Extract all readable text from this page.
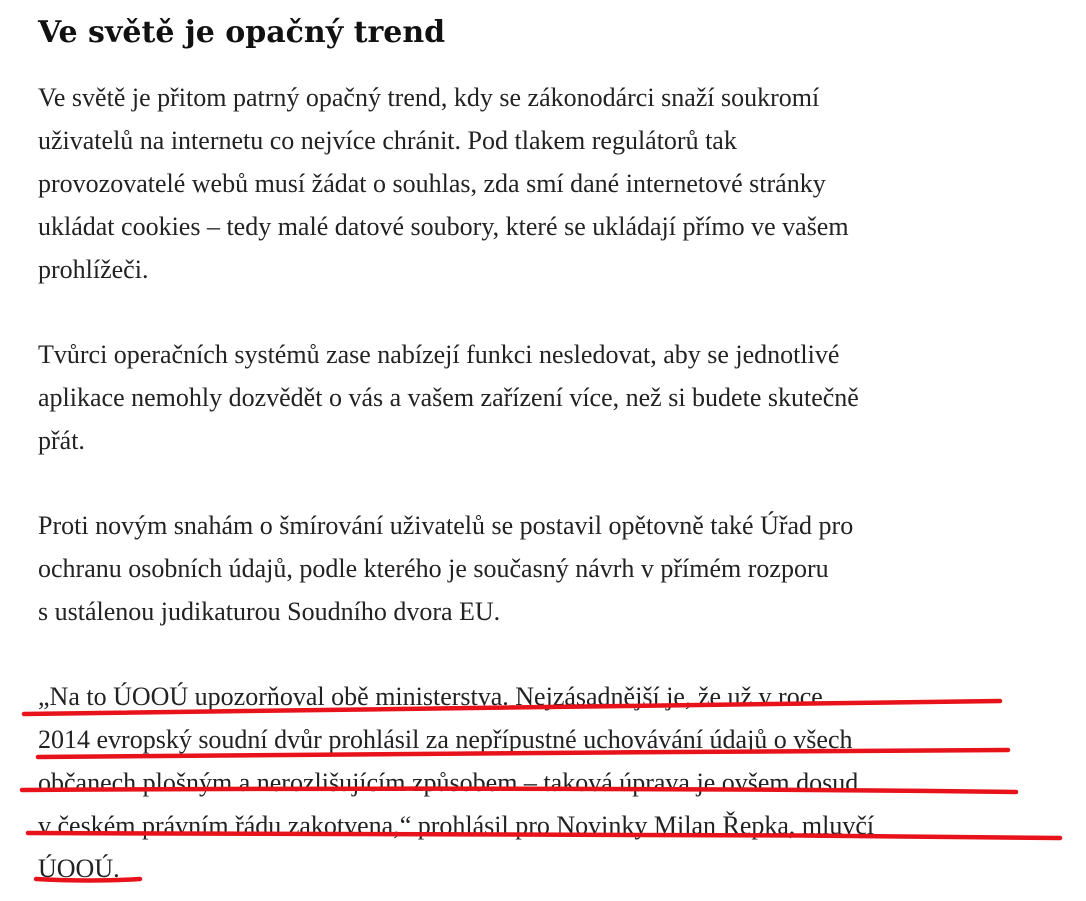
Ve světě je opačný trend

Ve světě je přitom patrný opačný trend, kdy se zákonodárci snaží soukromí
uživatelů na internetu co nejvíce chránit. Pod tlakem regulátorů tak
provozovatelé webů musí žádat o souhlas, zda smí dané internetové stránky
ukládat cookies – tedy malé datové soubory, které se ukládají přímo ve vašem
prohlížeči.

Tvůrci operačních systémů zase nabízejí funkci nesledovat, aby se jednotlivé
aplikace nemohly dozvědět o vás a vašem zařízení více, než si budete skutečně
přát.

Proti novým snahám o šmírování uživatelů se postavil opětovně také Úřad pro
ochranu osobních údajů, podle kterého je současný návrh v přímém rozporu
s ustálenou judikaturou Soudního dvora EU.

„Na to ÚOOÚ upozorňoval obě ministerstva. Nejzásadnější je, že už v roce
2014 evropský soudní dvůr prohlásil za nepřípustné uchovávání údajů o všech
občanech plošným a nerozlišujícím způsobem – taková úprava je ovšem dosud
v českém právním řádu zakotvena,“ prohlásil pro Novinky Milan Řepka, mluvčí
ÚOOÚ.
